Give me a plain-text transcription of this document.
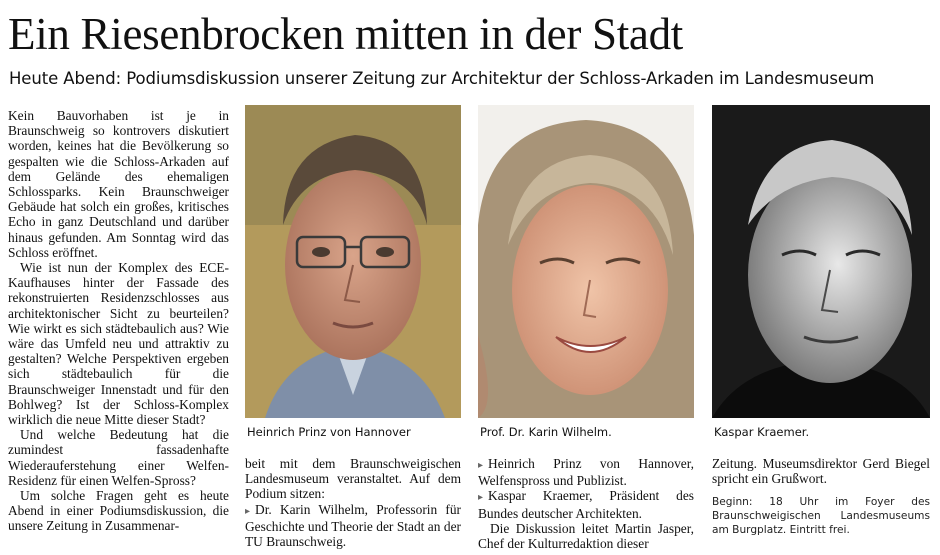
Ein Riesenbrocken mitten in der Stadt
Heute Abend: Podiumsdiskussion unserer Zeitung zur Architektur der Schloss-Arkaden im Landesmuseum

Kein Bauvorhaben ist je in Braunschweig so kontrovers diskutiert worden, keines hat die Bevölkerung so gespalten wie die Schloss-Arkaden auf dem Gelände des ehemaligen Schlossparks. Kein Braunschweiger Gebäude hat solch ein großes, kritisches Echo in ganz Deutschland und darüber hinaus gefunden. Am Sonntag wird das Schloss eröffnet.

Wie ist nun der Komplex des ECE-Kaufhauses hinter der Fassade des rekonstruierten Residenzschlosses aus architektonischer Sicht zu beurteilen? Wie wirkt es sich städtebaulich aus? Wie wäre das Umfeld neu und attraktiv zu gestalten? Welche Perspektiven ergeben sich städtebaulich für die Braunschweiger Innenstadt und für den Bohlweg? Ist der Schloss-Komplex wirklich die neue Mitte dieser Stadt?

Und welche Bedeutung hat die zumindest fassadenhafte Wiederauferstehung einer Welfen-Residenz für einen Welfen-Spross?

Um solche Fragen geht es heute Abend in einer Podiumsdiskussion, die unsere Zeitung in Zusammenar-

Heinrich Prinz von Hannover	Prof. Dr. Karin Wilhelm.	Kaspar Kraemer.

beit mit dem Braunschweigischen Landesmuseum veranstaltet. Auf dem Podium sitzen:

▸ Dr. Karin Wilhelm, Professorin für Geschichte und Theorie der Stadt an der TU Braunschweig.

▸ Heinrich Prinz von Hannover, Welfenspross und Publizist.

▸ Kaspar Kraemer, Präsident des Bundes deutscher Architekten.

Die Diskussion leitet Martin Jasper, Chef der Kulturredaktion dieser

Zeitung. Museumsdirektor Gerd Biegel spricht ein Grußwort.

Beginn: 18 Uhr im Foyer des Braunschweigischen Landesmuseums am Burgplatz. Eintritt frei.
